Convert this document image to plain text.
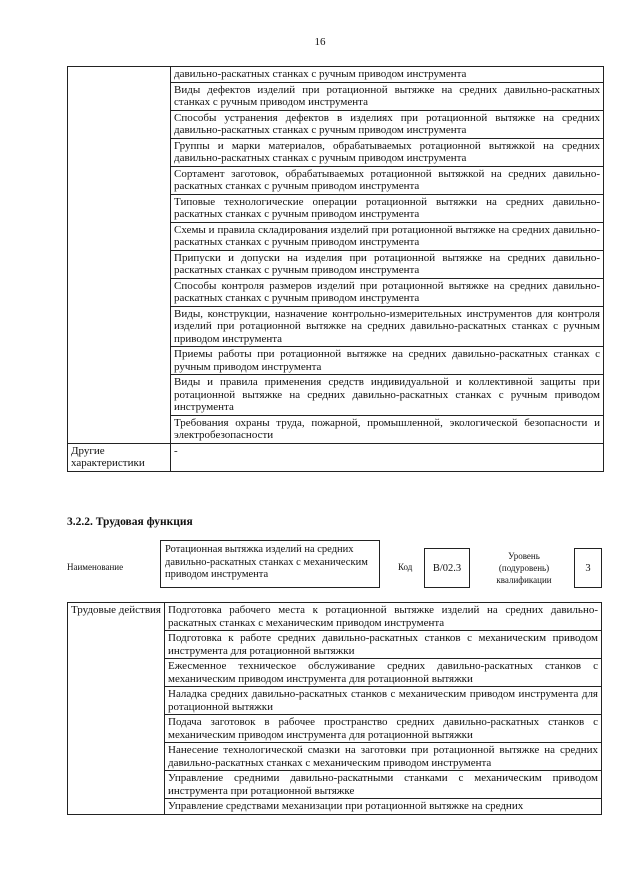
16
	давильно-раскатных станках с ручным приводом инструмента
	Виды дефектов изделий при ротационной вытяжке на средних давильно-раскатных станках с ручным приводом инструмента
	Способы устранения дефектов в изделиях при ротационной вытяжке на средних давильно-раскатных станках с ручным приводом инструмента
	Группы и марки материалов, обрабатываемых ротационной вытяжкой на средних давильно-раскатных станках с ручным приводом инструмента
	Сортамент заготовок, обрабатываемых ротационной вытяжкой на средних давильно-раскатных станках с ручным приводом инструмента
	Типовые технологические операции ротационной вытяжки на средних давильно-раскатных станках с ручным приводом инструмента
	Схемы и правила складирования изделий при ротационной вытяжке на средних давильно-раскатных станках с ручным приводом инструмента
	Припуски и допуски на изделия при ротационной вытяжке на средних давильно-раскатных станках с ручным приводом инструмента
	Способы контроля размеров изделий при ротационной вытяжке на средних давильно-раскатных станках с ручным приводом инструмента
	Виды, конструкции, назначение контрольно-измерительных инструментов для контроля изделий при ротационной вытяжке на средних давильно-раскатных станках с ручным приводом инструмента
	Приемы работы при ротационной вытяжке на средних давильно-раскатных станках с ручным приводом инструмента
	Виды и правила применения средств индивидуальной и коллективной защиты при ротационной вытяжке на средних давильно-раскатных станках с ручным приводом инструмента
	Требования охраны труда, пожарной, промышленной, экологической безопасности и электробезопасности
Другие характеристики	-
3.2.2. Трудовая функция
Наименование
Ротационная вытяжка изделий на средних давильно-раскатных станках с механическим приводом инструмента
Код	B/02.3
Уровень (подуровень) квалификации
3
Трудовые действия	Подготовка рабочего места к ротационной вытяжке изделий на средних давильно-раскатных станках с механическим приводом инструмента
Подготовка к работе средних давильно-раскатных станков с механическим приводом инструмента для ротационной вытяжки
Ежесменное техническое обслуживание средних давильно-раскатных станков с механическим приводом инструмента для ротационной вытяжки
Наладка средних давильно-раскатных станков с механическим приводом инструмента для ротационной вытяжки
Подача заготовок в рабочее пространство средних давильно-раскатных станков с механическим приводом инструмента для ротационной вытяжки
Нанесение технологической смазки на заготовки при ротационной вытяжке на средних давильно-раскатных станках с механическим приводом инструмента
Управление средними давильно-раскатными станками с механическим приводом инструмента при ротационной вытяжке
Управление средствами механизации при ротационной вытяжке на средних
